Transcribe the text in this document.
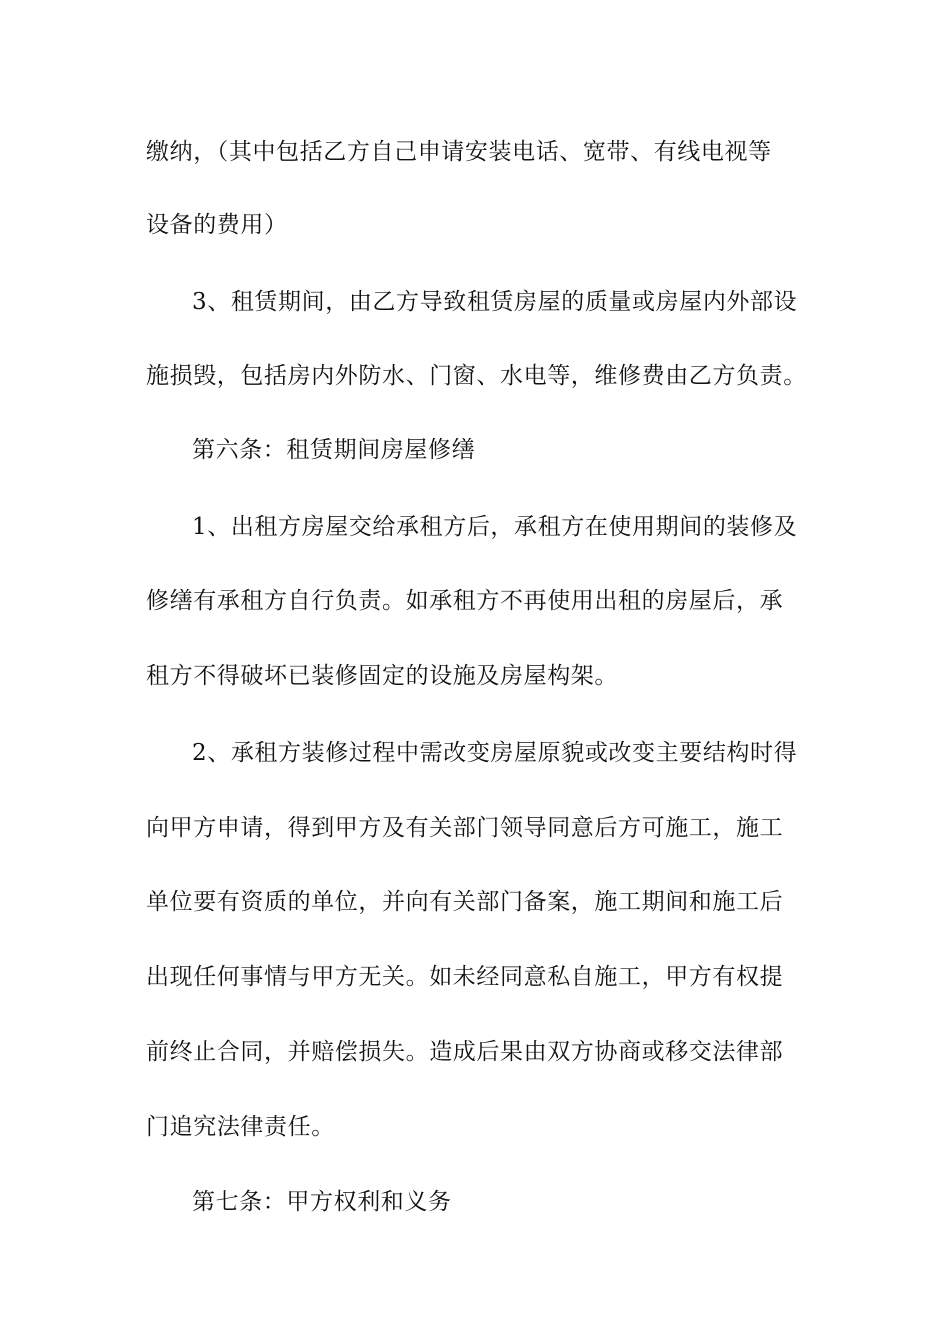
缴纳，（其中包括乙方自己申请安装电话、宽带、有线电视等
设备的费用）
3、租赁期间，由乙方导致租赁房屋的质量或房屋内外部设
施损毁，包括房内外防水、门窗、水电等，维修费由乙方负责。
第六条：租赁期间房屋修缮
1、出租方房屋交给承租方后，承租方在使用期间的装修及
修缮有承租方自行负责。如承租方不再使用出租的房屋后，承
租方不得破坏已装修固定的设施及房屋构架。
2、承租方装修过程中需改变房屋原貌或改变主要结构时得
向甲方申请，得到甲方及有关部门领导同意后方可施工，施工
单位要有资质的单位，并向有关部门备案，施工期间和施工后
出现任何事情与甲方无关。如未经同意私自施工，甲方有权提
前终止合同，并赔偿损失。造成后果由双方协商或移交法律部
门追究法律责任。
第七条：甲方权利和义务
